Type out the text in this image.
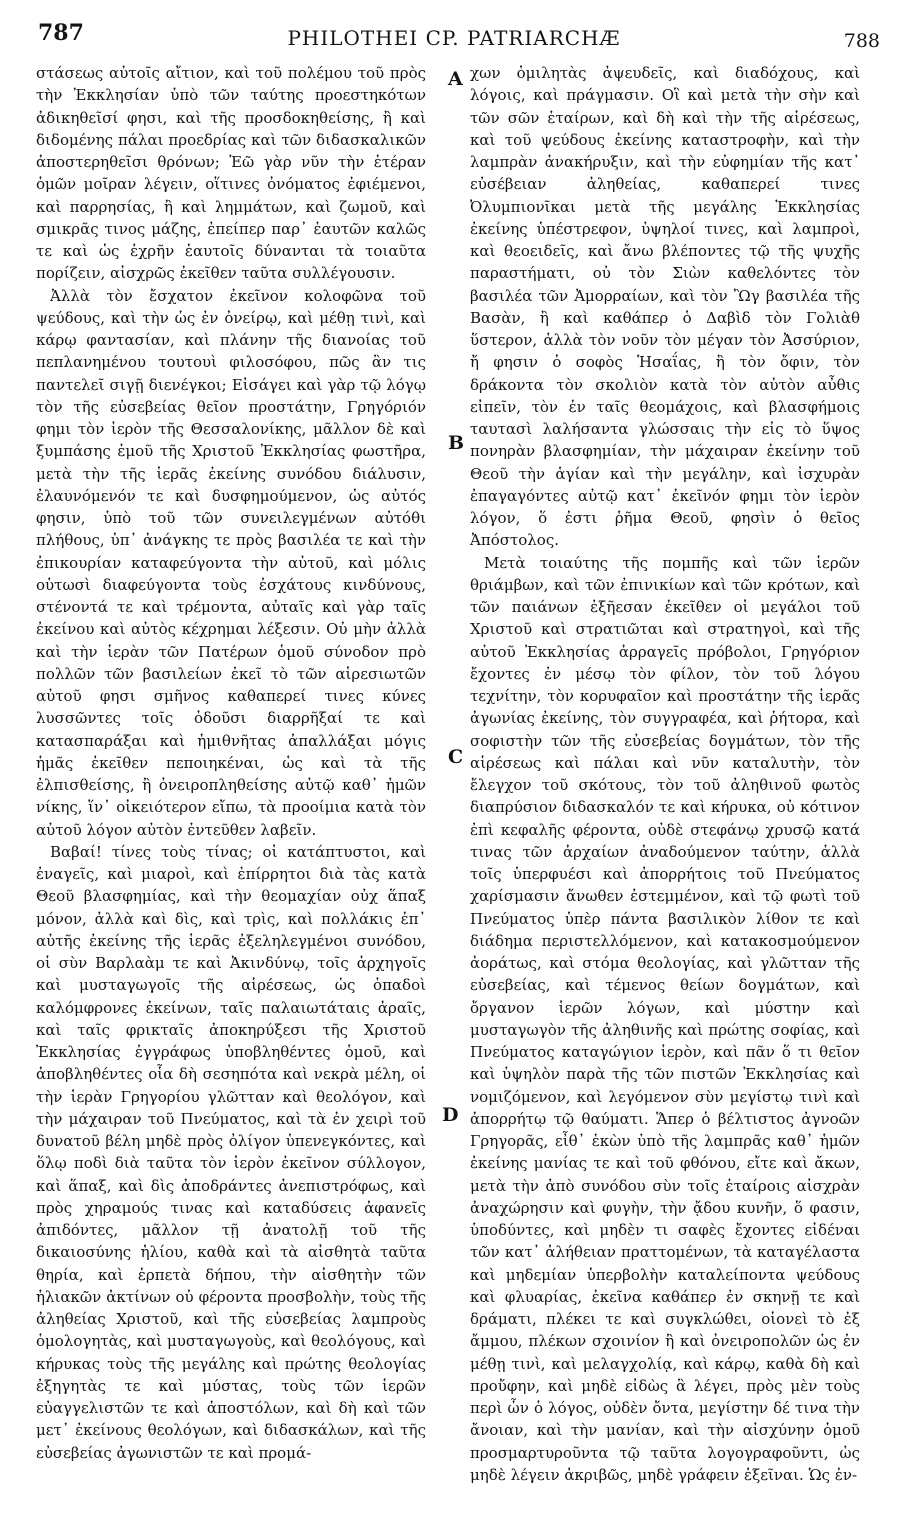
787	PHILOTHEI CP. PATRIARCHÆ	788

στάσεως αὐτοῖς αἴτιον, καὶ τοῦ πολέμου τοῦ πρὸς τὴν Ἐκκλησίαν ὑπὸ τῶν ταύτης προεστηκότων ἀδικηθεῖσί φησι, καὶ τῆς προσδοκηθείσης, ἢ καὶ διδομένης πάλαι προεδρίας καὶ τῶν διδασκαλικῶν ἀποστερηθεῖσι θρόνων; Ἐῶ γὰρ νῦν τὴν ἑτέραν ὁμῶν μοῖραν λέγειν, οἵτινες ὀνόματος ἐφιέμενοι, καὶ παρρησίας, ἢ καὶ λημμάτων, καὶ ζωμοῦ, καὶ σμικρᾶς τινος μάζης, ἐπείπερ παρ᾽ ἑαυτῶν καλῶς τε καὶ ὡς ἐχρῆν ἑαυτοῖς δύνανται τὰ τοιαῦτα πορίζειν, αἰσχρῶς ἐκεῖθεν ταῦτα συλλέγουσιν.

Ἀλλὰ τὸν ἔσχατον ἐκεῖνον κολοφῶνα τοῦ ψεύδους, καὶ τὴν ὡς ἐν ὀνείρῳ, καὶ μέθῃ τινὶ, καὶ κάρῳ φαντασίαν, καὶ πλάνην τῆς διανοίας τοῦ πεπλανημένου τουτουὶ φιλοσόφου, πῶς ἂν τις παντελεῖ σιγῇ διενέγκοι; Εἰσάγει καὶ γὰρ τῷ λόγῳ τὸν τῆς εὐσεβείας θεῖον προστάτην, Γρηγόριόν φημι τὸν ἱερὸν τῆς Θεσσαλονίκης, μᾶλλον δὲ καὶ ξυμπάσης ἐμοῦ τῆς Χριστοῦ Ἐκκλησίας φωστῆρα, μετὰ τὴν τῆς ἱερᾶς ἐκείνης συνόδου διάλυσιν, ἐλαυνόμενόν τε καὶ δυσφημούμενον, ὡς αὐτός φησιν, ὑπὸ τοῦ τῶν συνειλεγμένων αὐτόθι πλήθους, ὑπ᾽ ἀνάγκης τε πρὸς βασιλέα τε καὶ τὴν ἐπικουρίαν καταφεύγοντα τὴν αὐτοῦ, καὶ μόλις οὑτωσὶ διαφεύγοντα τοὺς ἐσχάτους κινδύνους, στένοντά τε καὶ τρέμοντα, αὐταῖς καὶ γὰρ ταῖς ἐκείνου καὶ αὐτὸς κέχρημαι λέξεσιν. Οὐ μὴν ἀλλὰ καὶ τὴν ἱερὰν τῶν Πατέρων ὁμοῦ σύνοδον πρὸ πολλῶν τῶν βασιλείων ἐκεῖ τὸ τῶν αἱρεσιωτῶν αὐτοῦ φησι σμῆνος καθαπερεί τινες κύνες λυσσῶντες τοῖς ὀδοῦσι διαρρῆξαί τε καὶ κατασπαράξαι καὶ ἡμιθνῆτας ἀπαλλάξαι μόγις ἡμᾶς ἐκεῖθεν πεποιηκέναι, ὡς καὶ τὰ τῆς ἐλπισθείσης, ἢ ὀνειροπληθείσης αὐτῷ καθ᾽ ἡμῶν νίκης, ἵν᾽ οἰκειότερον εἴπω, τὰ προοίμια κατὰ τὸν αὐτοῦ λόγον αὐτὸν ἐντεῦθεν λαβεῖν.

Βαβαί! τίνες τοὺς τίνας; οἱ κατάπτυστοι, καὶ ἐναγεῖς, καὶ μιαροὶ, καὶ ἐπίρρητοι διὰ τὰς κατὰ Θεοῦ βλασφημίας, καὶ τὴν θεομαχίαν οὐχ ἅπαξ μόνον, ἀλλὰ καὶ δὶς, καὶ τρὶς, καὶ πολλάκις ἐπ᾽ αὐτῆς ἐκείνης τῆς ἱερᾶς ἐξεληλεγμένοι συνόδου, οἱ σὺν Βαρλαὰμ τε καὶ Ἀκινδύνῳ, τοῖς ἀρχηγοῖς καὶ μυσταγωγοῖς τῆς αἱρέσεως, ὡς ὁπαδοὶ καλόμφρονες ἐκείνων, ταῖς παλαιωτάταις ἀραῖς, καὶ ταῖς φρικταῖς ἀποκηρύξεσι τῆς Χριστοῦ Ἐκκλησίας ἐγγράφως ὑποβληθέντες ὁμοῦ, καὶ ἀποβληθέντες οἷα δὴ σεσηπότα καὶ νεκρὰ μέλη, οἱ τὴν ἱερὰν Γρηγορίου γλῶτταν καὶ θεολόγον, καὶ τὴν μάχαιραν τοῦ Πνεύματος, καὶ τὰ ἐν χειρὶ τοῦ δυνατοῦ βέλη μηδὲ πρὸς ὀλίγον ὑπενεγκόντες, καὶ ὅλῳ ποδὶ διὰ ταῦτα τὸν ἱερὸν ἐκεῖνον σύλλογον, καὶ ἅπαξ, καὶ δὶς ἀποδράντες ἀνεπιστρόφως, καὶ πρὸς χηραμούς τινας καὶ καταδύσεις ἀφανεῖς ἀπιδόντες, μᾶλλον τῇ ἀνατολῇ τοῦ τῆς δικαιοσύνης ἡλίου, καθὰ καὶ τὰ αἰσθητὰ ταῦτα θηρία, καὶ ἑρπετὰ δήπου, τὴν αἰσθητὴν τῶν ἡλιακῶν ἀκτίνων οὐ φέροντα προσβολὴν, τοὺς τῆς ἀληθείας Χριστοῦ, καὶ τῆς εὐσεβείας λαμπροὺς ὁμολογητὰς, καὶ μυσταγωγοὺς, καὶ θεολόγους, καὶ κήρυκας τοὺς τῆς μεγάλης καὶ πρώτης θεολογίας ἐξηγητὰς τε καὶ μύστας, τοὺς τῶν ἱερῶν εὐαγγελιστῶν τε καὶ ἀποστόλων, καὶ δὴ καὶ τῶν μετ᾽ ἐκείνους θεολόγων, καὶ διδασκάλων, καὶ τῆς εὐσεβείας ἀγωνιστῶν τε καὶ προμά-

A
B
C
D

χων ὁμιλητὰς ἀψευδεῖς, καὶ διαδόχους, καὶ λόγοις, καὶ πράγμασιν. Οἳ καὶ μετὰ τὴν σὴν καὶ τῶν σῶν ἑταίρων, καὶ δὴ καὶ τὴν τῆς αἱρέσεως, καὶ τοῦ ψεύδους ἐκείνης καταστροφὴν, καὶ τὴν λαμπρὰν ἀνακήρυξιν, καὶ τὴν εὐφημίαν τῆς κατ᾽ εὐσέβειαν ἀληθείας, καθαπερεί τινες Ὀλυμπιονῖκαι μετὰ τῆς μεγάλης Ἐκκλησίας ἐκείνης ὑπέστρεφον, ὑψηλοί τινες, καὶ λαμπροὶ, καὶ θεοειδεῖς, καὶ ἄνω βλέποντες τῷ τῆς ψυχῆς παραστήματι, οὐ τὸν Σιὼν καθελόντες τὸν βασιλέα τῶν Ἀμορραίων, καὶ τὸν Ὢγ βασιλέα τῆς Βασὰν, ἢ καὶ καθάπερ ὁ Δαβὶδ τὸν Γολιὰθ ὕστερον, ἀλλὰ τὸν νοῦν τὸν μέγαν τὸν Ἀσσύριον, ἤ φησιν ὁ σοφὸς Ἡσαΐας, ἢ τὸν ὄφιν, τὸν δράκοντα τὸν σκολιὸν κατὰ τὸν αὐτὸν αὖθις εἰπεῖν, τὸν ἐν ταῖς θεομάχοις, καὶ βλασφήμοις ταυτασὶ λαλήσαντα γλώσσαις τὴν εἰς τὸ ὕψος πονηρὰν βλασφημίαν, τὴν μάχαιραν ἐκείνην τοῦ Θεοῦ τὴν ἁγίαν καὶ τὴν μεγάλην, καὶ ἰσχυρὰν ἐπαγαγόντες αὐτῷ κατ᾽ ἐκεῖνόν φημι τὸν ἱερὸν λόγον, ὅ ἐστι ῥῆμα Θεοῦ, φησὶν ὁ θεῖος Ἀπόστολος.

Μετὰ τοιαύτης τῆς πομπῆς καὶ τῶν ἱερῶν θριάμβων, καὶ τῶν ἐπινικίων καὶ τῶν κρότων, καὶ τῶν παιάνων ἐξῆεσαν ἐκεῖθεν οἱ μεγάλοι τοῦ Χριστοῦ καὶ στρατιῶται καὶ στρατηγοὶ, καὶ τῆς αὐτοῦ Ἐκκλησίας ἀρραγεῖς πρόβολοι, Γρηγόριον ἔχοντες ἐν μέσῳ τὸν φίλον, τὸν τοῦ λόγου τεχνίτην, τὸν κορυφαῖον καὶ προστάτην τῆς ἱερᾶς ἀγωνίας ἐκείνης, τὸν συγγραφέα, καὶ ῥήτορα, καὶ σοφιστὴν τῶν τῆς εὐσεβείας δογμάτων, τὸν τῆς αἱρέσεως καὶ πάλαι καὶ νῦν καταλυτὴν, τὸν ἔλεγχον τοῦ σκότους, τὸν τοῦ ἀληθινοῦ φωτὸς διαπρύσιον διδασκαλόν τε καὶ κήρυκα, οὐ κότινον ἐπὶ κεφαλῆς φέροντα, οὐδὲ στεφάνῳ χρυσῷ κατά τινας τῶν ἀρχαίων ἀναδούμενον ταύτην, ἀλλὰ τοῖς ὑπερφυέσι καὶ ἀπορρήτοις τοῦ Πνεύματος χαρίσμασιν ἄνωθεν ἐστεμμένον, καὶ τῷ φωτὶ τοῦ Πνεύματος ὑπὲρ πάντα βασιλικὸν λίθον τε καὶ διάδημα περιστελλόμενον, καὶ κατακοσμούμενον ἀοράτως, καὶ στόμα θεολογίας, καὶ γλῶτταν τῆς εὐσεβείας, καὶ τέμενος θείων δογμάτων, καὶ ὄργανον ἱερῶν λόγων, καὶ μύστην καὶ μυσταγωγὸν τῆς ἀληθινῆς καὶ πρώτης σοφίας, καὶ Πνεύματος καταγώγιον ἱερὸν, καὶ πᾶν ὅ τι θεῖον καὶ ὑψηλὸν παρὰ τῆς τῶν πιστῶν Ἐκκλησίας καὶ νομιζόμενον, καὶ λεγόμενον σὺν μεγίστῳ τινὶ καὶ ἀπορρήτῳ τῷ θαύματι. Ἅπερ ὁ βέλτιστος ἀγνοῶν Γρηγορᾶς, εἶθ᾽ ἑκὼν ὑπὸ τῆς λαμπρᾶς καθ᾽ ἡμῶν ἐκείνης μανίας τε καὶ τοῦ φθόνου, εἴτε καὶ ἄκων, μετὰ τὴν ἀπὸ συνόδου σὺν τοῖς ἑταίροις αἰσχρὰν ἀναχώρησιν καὶ φυγὴν, τὴν ᾄδου κυνῆν, ὅ φασιν, ὑποδύντες, καὶ μηδὲν τι σαφὲς ἔχοντες εἰδέναι τῶν κατ᾽ ἀλήθειαν πραττομένων, τὰ καταγέλαστα καὶ μηδεμίαν ὑπερβολὴν καταλείποντα ψεύδους καὶ φλυαρίας, ἐκεῖνα καθάπερ ἐν σκηνῇ τε καὶ δράματι, πλέκει τε καὶ συγκλώθει, οἱονεὶ τὸ ἐξ ἄμμου, πλέκων σχοινίον ἢ καὶ ὀνειροπολῶν ὡς ἐν μέθῃ τινὶ, καὶ μελαγχολίᾳ, καὶ κάρῳ, καθὰ δὴ καὶ προὔφην, καὶ μηδὲ εἰδὼς ἃ λέγει, πρὸς μὲν τοὺς περὶ ὧν ὁ λόγος, οὐδὲν ὄντα, μεγίστην δέ τινα τὴν ἄνοιαν, καὶ τὴν μανίαν, καὶ τὴν αἰσχύνην ὁμοῦ προσμαρτυροῦντα τῷ ταῦτα λογογραφοῦντι, ὡς μηδὲ λέγειν ἀκριβῶς, μηδὲ γράφειν ἐξεῖναι. Ὡς ἐν-
